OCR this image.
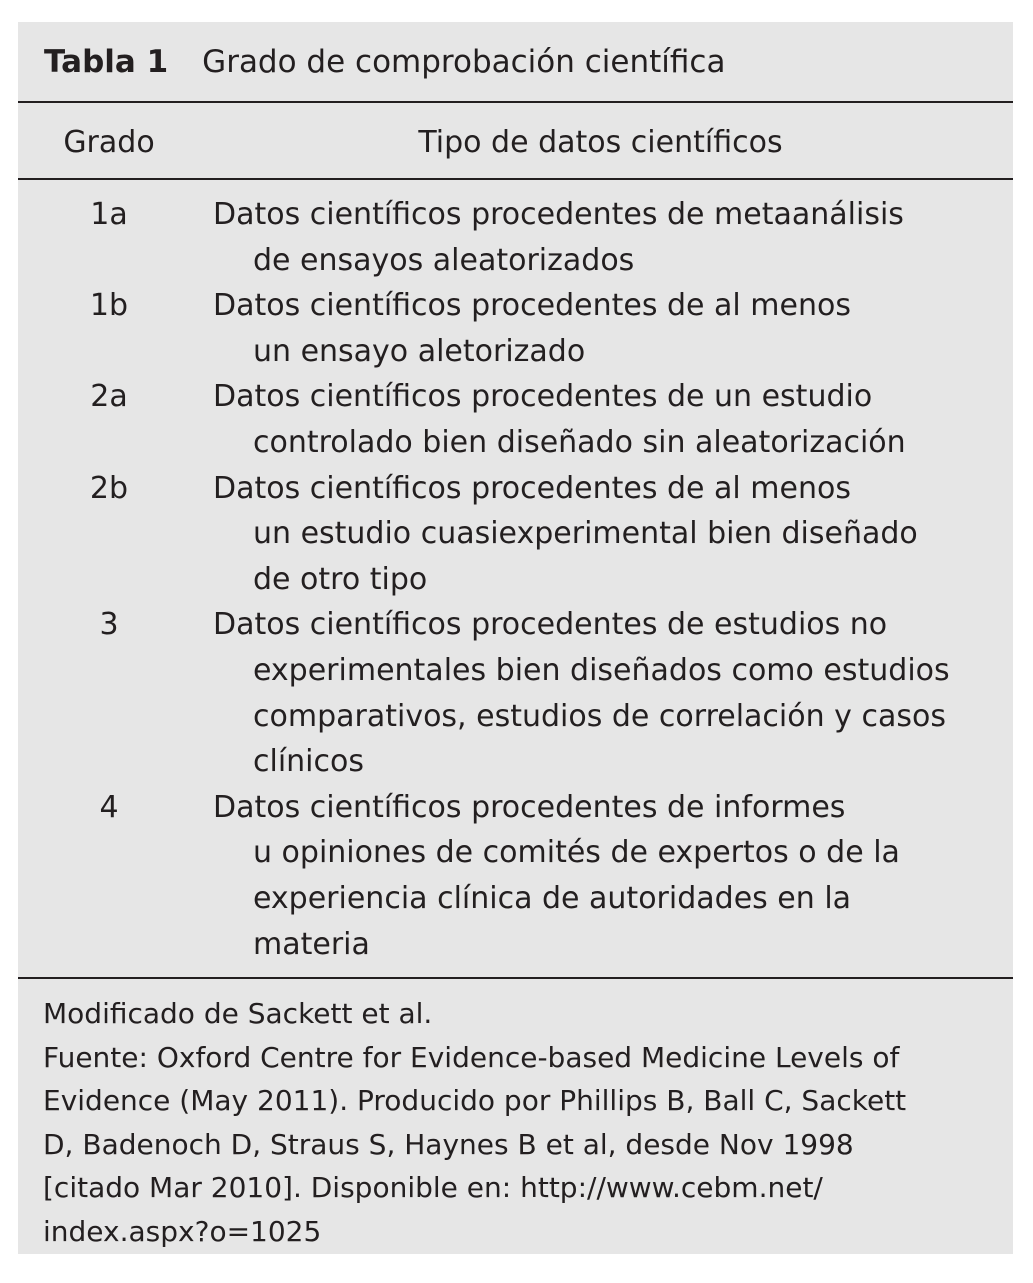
Tabla 1 Grado de comprobación científica
Grado	Tipo de datos científicos
1a	Datos científicos procedentes de metaanálisis
de ensayos aleatorizados
1b	Datos científicos procedentes de al menos
un ensayo aletorizado
2a	Datos científicos procedentes de un estudio
controlado bien diseñado sin aleatorización
2b	Datos científicos procedentes de al menos
un estudio cuasiexperimental bien diseñado
de otro tipo
3	Datos científicos procedentes de estudios no
experimentales bien diseñados como estudios
comparativos, estudios de correlación y casos
clínicos
4	Datos científicos procedentes de informes
u opiniones de comités de expertos o de la
experiencia clínica de autoridades en la
materia
Modificado de Sackett et al.
Fuente: Oxford Centre for Evidence-based Medicine Levels of
Evidence (May 2011). Producido por Phillips B, Ball C, Sackett
D, Badenoch D, Straus S, Haynes B et al, desde Nov 1998
[citado Mar 2010]. Disponible en: http://www.cebm.net/
index.aspx?o=1025
